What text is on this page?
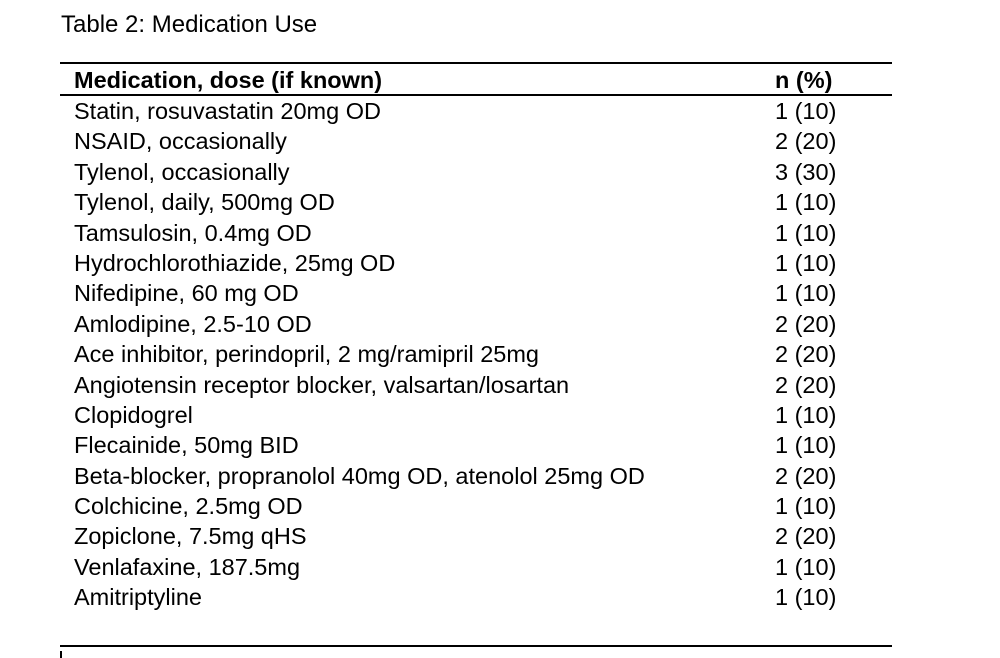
Table 2: Medication Use
Medication, dose (if known)	n (%)
Statin, rosuvastatin 20mg OD	1 (10)
NSAID, occasionally	2 (20)
Tylenol, occasionally	3 (30)
Tylenol, daily, 500mg OD	1 (10)
Tamsulosin, 0.4mg OD	1 (10)
Hydrochlorothiazide, 25mg OD	1 (10)
Nifedipine, 60 mg OD	1 (10)
Amlodipine, 2.5-10 OD	2 (20)
Ace inhibitor, perindopril, 2 mg/ramipril 25mg	2 (20)
Angiotensin receptor blocker, valsartan/losartan	2 (20)
Clopidogrel	1 (10)
Flecainide, 50mg BID	1 (10)
Beta-blocker, propranolol 40mg OD, atenolol 25mg OD	2 (20)
Colchicine, 2.5mg OD	1 (10)
Zopiclone, 7.5mg qHS	2 (20)
Venlafaxine, 187.5mg	1 (10)
Amitriptyline	1 (10)
